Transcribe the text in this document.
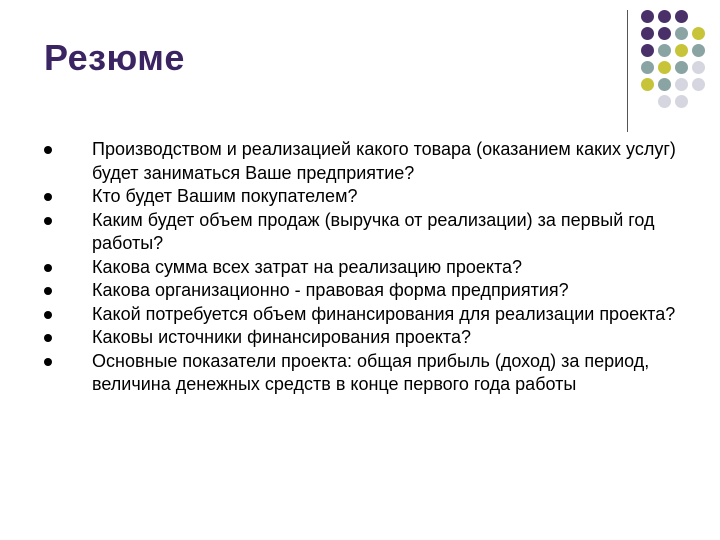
Резюме
Производством и реализацией какого товара (оказанием каких услуг) будет заниматься Ваше предприятие?
Кто будет Вашим покупателем?
Каким будет объем продаж (выручка от реализации) за первый год работы?
Какова сумма всех затрат на реализацию проекта?
Какова организационно - правовая форма предприятия?
Какой потребуется объем финансирования для реализации проекта?
Каковы источники финансирования проекта?
Основные показатели проекта: общая прибыль (доход) за период, величина денежных средств в конце первого года работы
